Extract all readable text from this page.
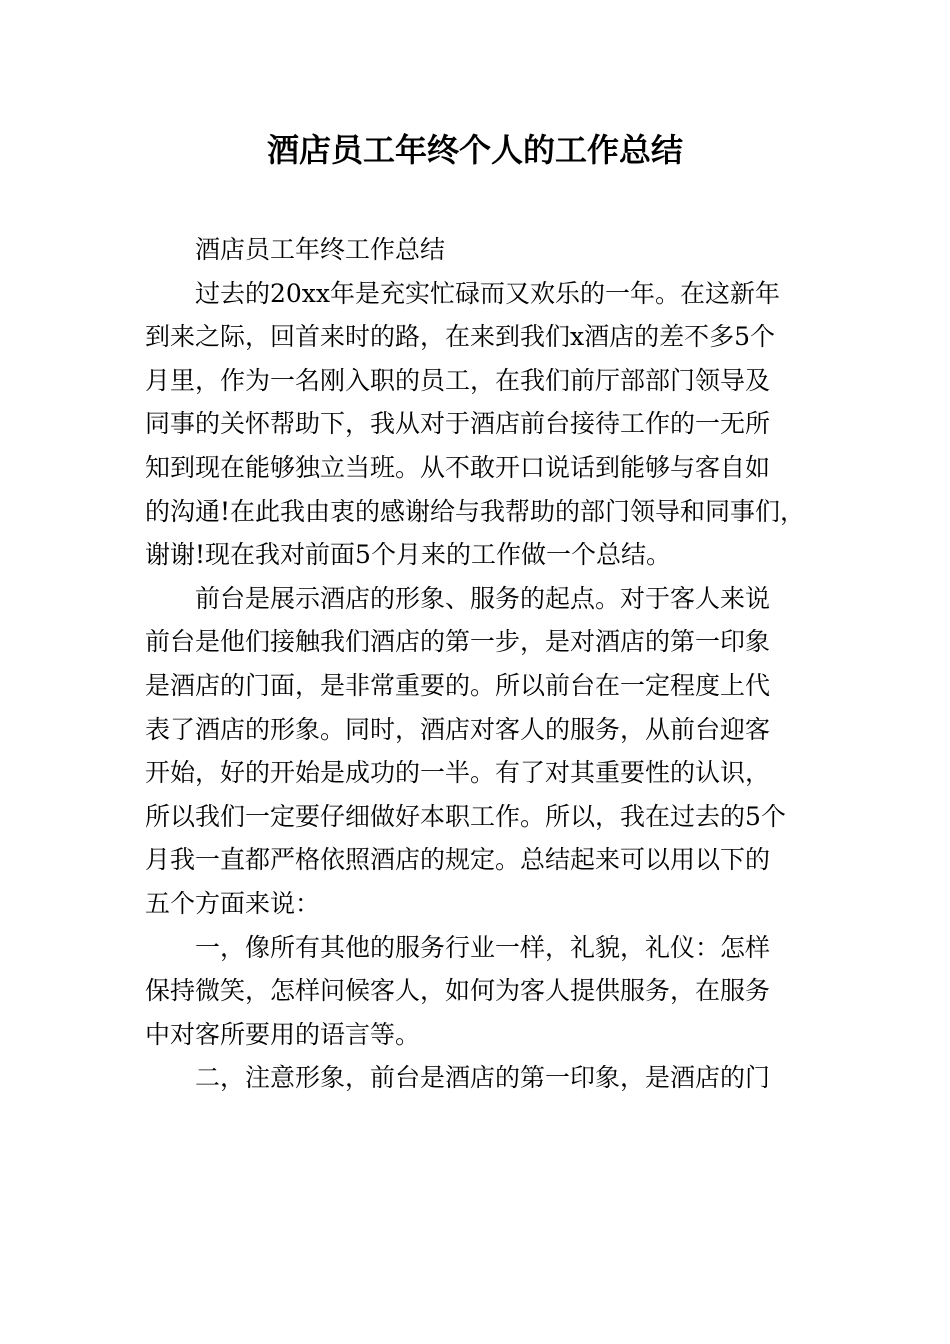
酒店员工年终个人的工作总结
酒店员工年终工作总结
过去的20xx年是充实忙碌而又欢乐的一年。在这新年
到来之际，回首来时的路，在来到我们x酒店的差不多5个
月里，作为一名刚入职的员工，在我们前厅部部门领导及
同事的关怀帮助下，我从对于酒店前台接待工作的一无所
知到现在能够独立当班。从不敢开口说话到能够与客自如
的沟通!在此我由衷的感谢给与我帮助的部门领导和同事们，
谢谢!现在我对前面5个月来的工作做一个总结。
前台是展示酒店的形象、服务的起点。对于客人来说
前台是他们接触我们酒店的第一步，是对酒店的第一印象
是酒店的门面，是非常重要的。所以前台在一定程度上代
表了酒店的形象。同时，酒店对客人的服务，从前台迎客
开始，好的开始是成功的一半。有了对其重要性的认识，
所以我们一定要仔细做好本职工作。所以，我在过去的5个
月我一直都严格依照酒店的规定。总结起来可以用以下的
五个方面来说：
一，像所有其他的服务行业一样，礼貌，礼仪：怎样
保持微笑，怎样问候客人，如何为客人提供服务，在服务
中对客所要用的语言等。
二，注意形象，前台是酒店的第一印象，是酒店的门
